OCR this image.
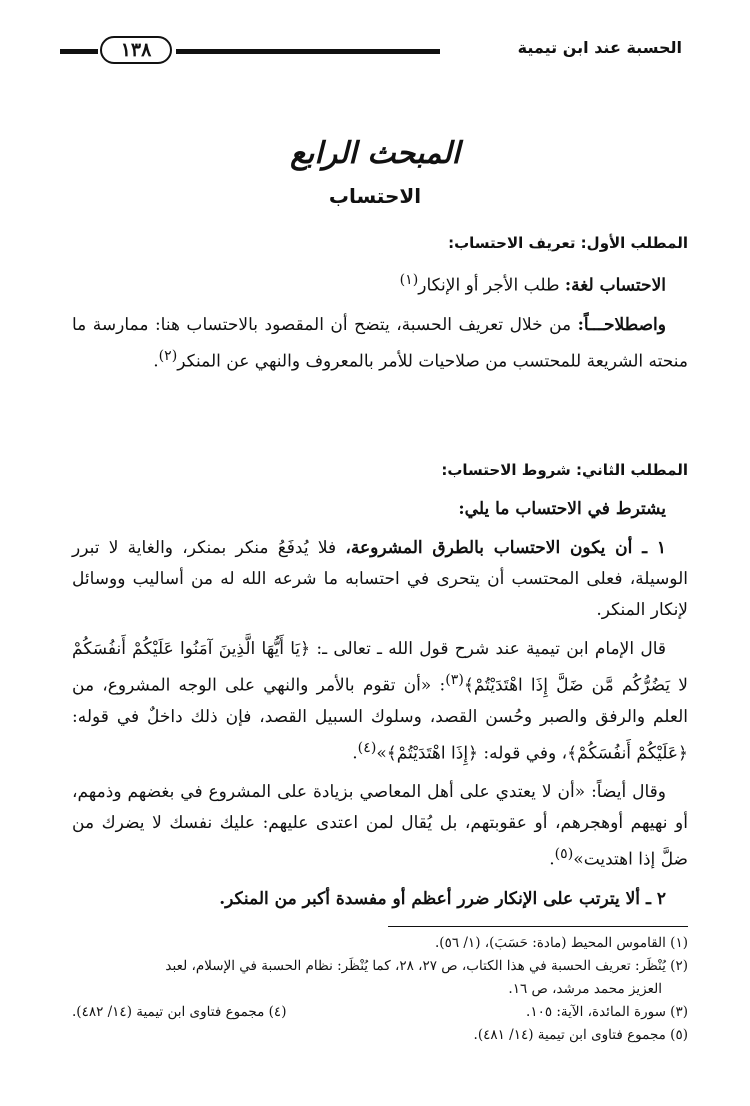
الحسبة عند ابن تيمية
١٣٨
المبحث الرابع
الاحتساب

المطلب الأول: تعريف الاحتساب:

الاحتساب لغة: طلب الأجر أو الإنكار$^{(١)}$

واصطلاحـــاً: من خلال تعريف الحسبة، يتضح أن المقصود بالاحتساب هنا: ممارسة ما منحته الشريعة للمحتسب من صلاحيات للأمر بالمعروف والنهي عن المنكر$^{(٢)}$.

المطلب الثاني: شروط الاحتساب:

يشترط في الاحتساب ما يلي:

١ ـ أن يكون الاحتساب بالطرق المشروعة، فلا يُدفَعُ منكر بمنكر، والغاية لا تبرر الوسيلة، فعلى المحتسب أن يتحرى في احتسابه ما شرعه الله له من أساليب ووسائل لإنكار المنكر.

قال الإمام ابن تيمية عند شرح قول الله ـ تعالى ـ: ﴿يَا أَيُّهَا الَّذِينَ آمَنُوا عَلَيْكُمْ أَنفُسَكُمْ لا يَضُرُّكُم مَّن ضَلَّ إِذَا اهْتَدَيْتُمْ﴾$^{(٣)}$: «أن تقوم بالأمر والنهي على الوجه المشروع، من العلم والرفق والصبر وحُسن القصد، وسلوك السبيل القصد، فإن ذلك داخلٌ في قوله: ﴿عَلَيْكُمْ أَنفُسَكُمْ﴾، وفي قوله: ﴿إِذَا اهْتَدَيْتُمْ﴾»$^{(٤)}$.

وقال أيضاً: «أن لا يعتدي على أهل المعاصي بزيادة على المشروع في بغضهم وذمهم، أو نهيهم أوهجرهم، أو عقوبتهم، بل يُقال لمن اعتدى عليهم: عليك نفسك لا يضرك من ضلَّ إذا اهتديت»$^{(٥)}$.

٢ ـ ألا يترتب على الإنكار ضرر أعظم أو مفسدة أكبر من المنكر.

(١) القاموس المحيط (مادة: حَسَبَ)، (١/ ٥٦).
(٢) يُنْظَر: تعريف الحسبة في هذا الكتاب، ص ٢٧، ٢٨، كما يُنْظَر: نظام الحسبة في الإسلام، لعبد
العزيز محمد مرشد، ص ١٦.
(٣) سورة المائدة، الآية: ١٠٥.
(٤) مجموع فتاوى ابن تيمية (١٤/ ٤٨٢).
(٥) مجموع فتاوى ابن تيمية (١٤/ ٤٨١).
